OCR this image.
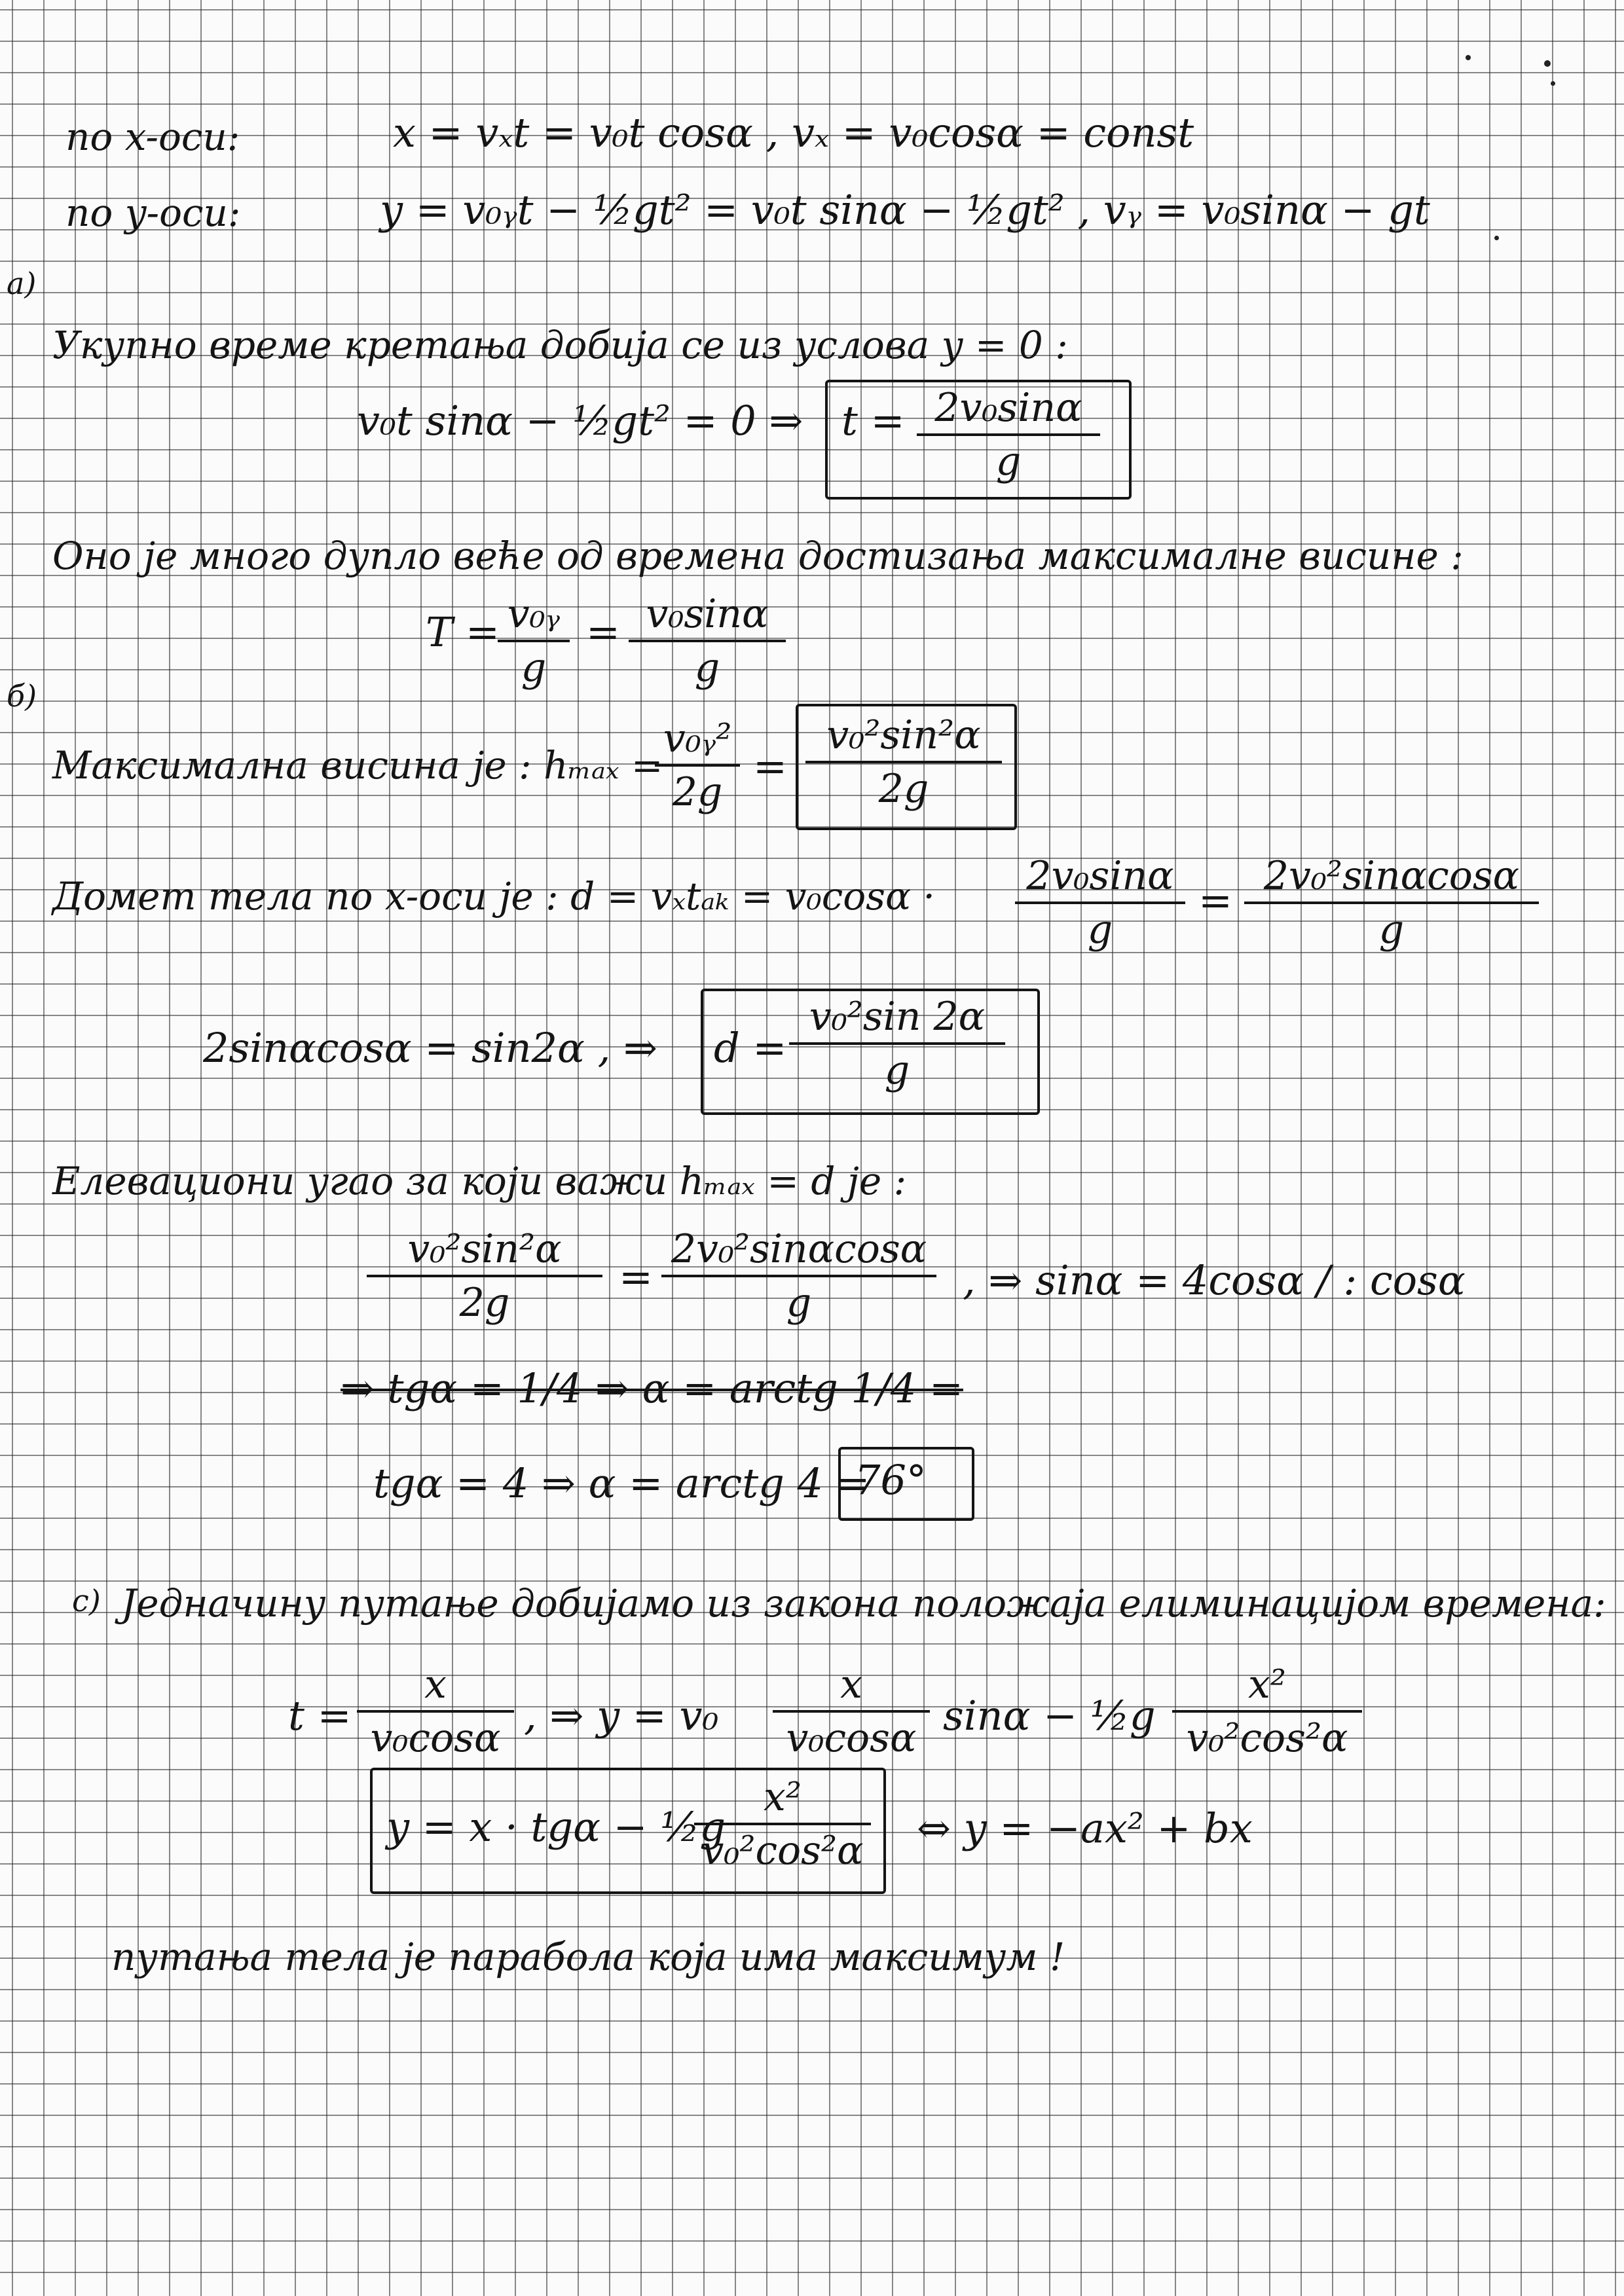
по x-оси:	x = vₓt = v₀t cosα , vₓ = v₀cosα = const
по y-оси:	y = v₀ᵧt − ½gt² = v₀t sinα − ½gt² , vᵧ = v₀sinα − gt
a)
Укупно време кретања добија се из услова y = 0 :
v₀t sinα − ½gt² = 0 ⇒ t = 2v₀sinα
g
Оно је много дупло веће од времена достизања максималне висине :
T = v₀ᵧ
g
= v₀sinα
g
б)
Максимална висина је : hₘₐₓ =
v₀ᵧ²
2g
=
v₀²sin²α
2g
Домет тела по x-оси је : d = vₓtₐₖ = v₀cosα · 2v₀sinα
g
=
2v₀²sinαcosα
g
2sinαcosα = sin2α , ⇒ d =
v₀²sin 2α
g
Елевациони угао за који важи hₘₐₓ = d је :
v₀²sin²α
2g
=
2v₀²sinαcosα
g	, ⇒ sinα = 4cosα / : cosα
⇒ tgα = 1/4 ⇒ α = arctg 1/4 =
tgα = 4 ⇒ α = arctg 4 =
76°
c) Једначину путање добијамо из закона положаја елиминацијом времена:
t =
x
v₀cosα , ⇒ y = v₀
x
v₀cosα sinα − ½g
x²
v₀²cos²α
y = x · tgα − ½g
x²
v₀²cos²α ⇔ y = −ax² + bx
путања тела је парабола која има максимум !
